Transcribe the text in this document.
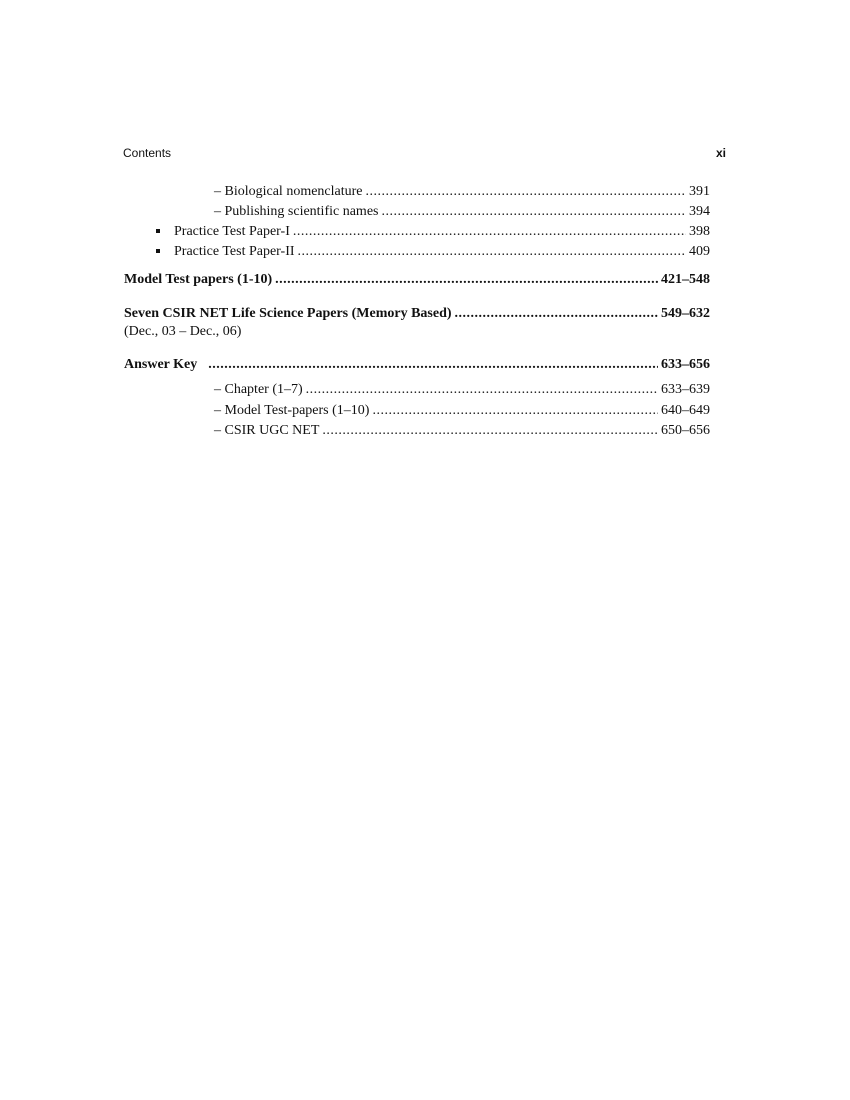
Contents	xi
– Biological nomenclature .....	391
– Publishing scientific names .....	394
Practice Test Paper-I .....	398
Practice Test Paper-II .....	409
Model Test papers (1-10) .....	421–548
Seven CSIR NET Life Science Papers (Memory Based) .....	549–632
(Dec., 03 – Dec., 06)
Answer Key .....	633–656
– Chapter (1–7) .....	633–639
– Model Test-papers (1–10) .....	640–649
– CSIR UGC NET .....	650–656
